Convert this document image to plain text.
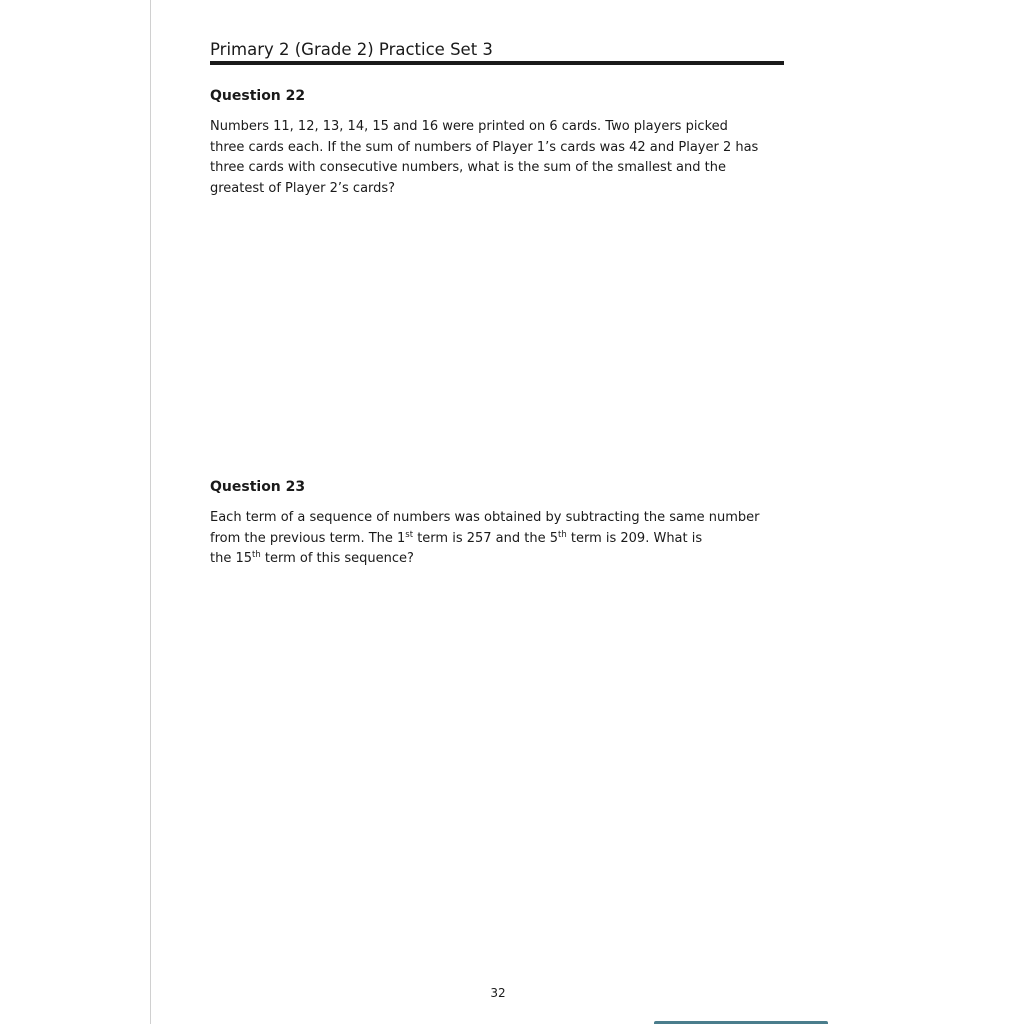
Primary 2 (Grade 2) Practice Set 3
Question 22

Numbers 11, 12, 13, 14, 15 and 16 were printed on 6 cards. Two players picked
three cards each. If the sum of numbers of Player 1’s cards was 42 and Player 2 has
three cards with consecutive numbers, what is the sum of the smallest and the
greatest of Player 2’s cards?

Question 23

Each term of a sequence of numbers was obtained by subtracting the same number
from the previous term. The 1st term is 257 and the 5th term is 209. What is
the 15th term of this sequence?

32
